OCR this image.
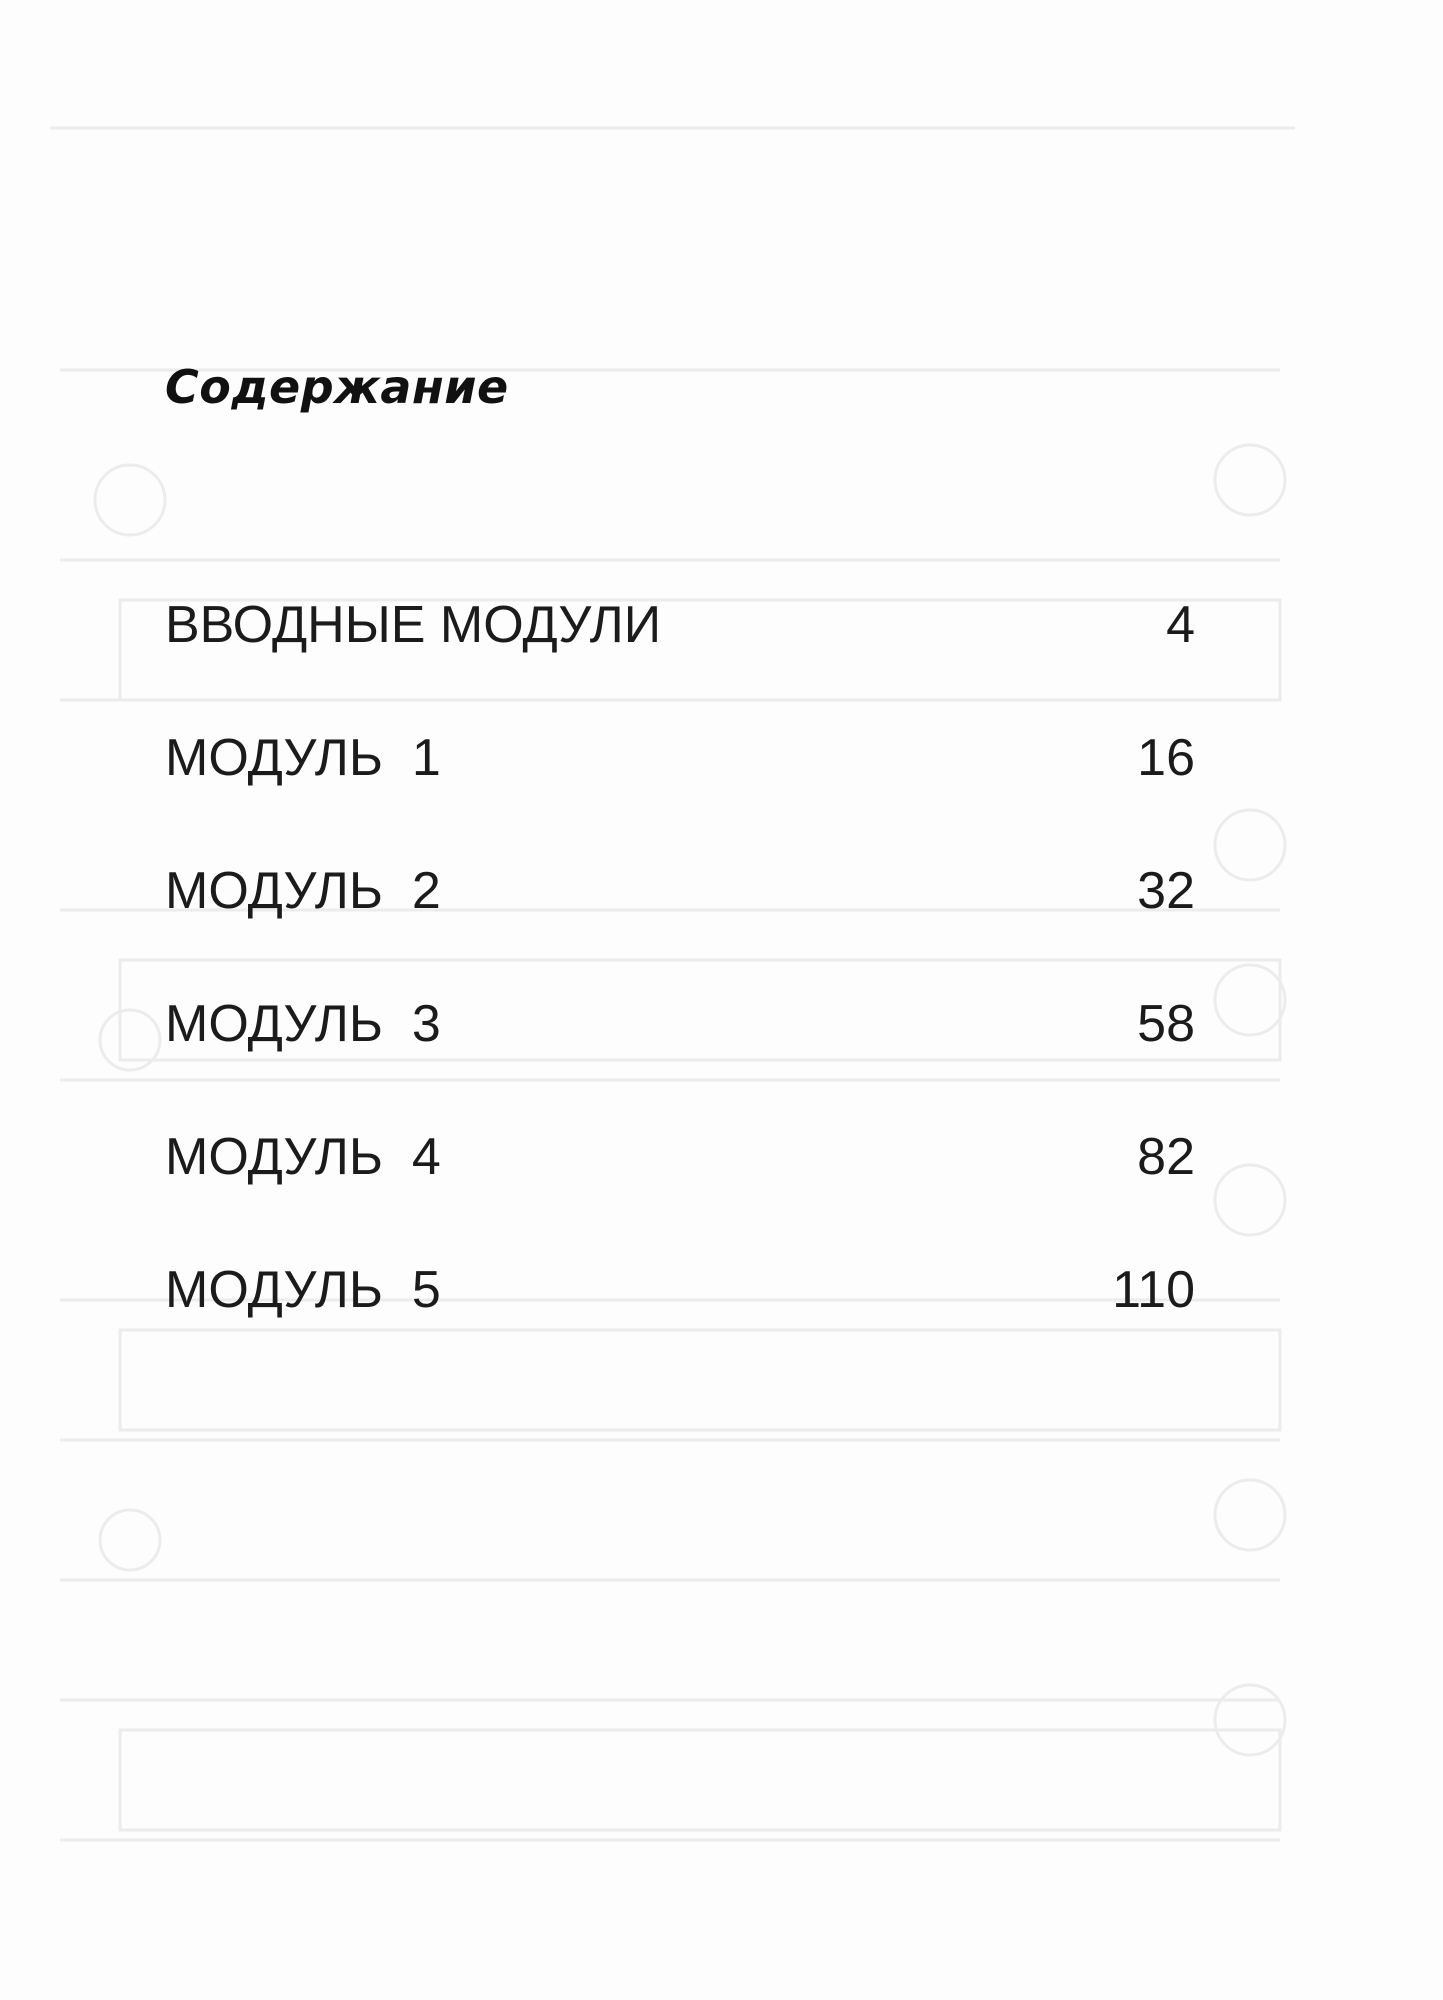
Содержание
ВВОДНЫЕ МОДУЛИ	4
МОДУЛЬ  1	16
МОДУЛЬ  2	32
МОДУЛЬ  3	58
МОДУЛЬ  4	82
МОДУЛЬ  5	110
